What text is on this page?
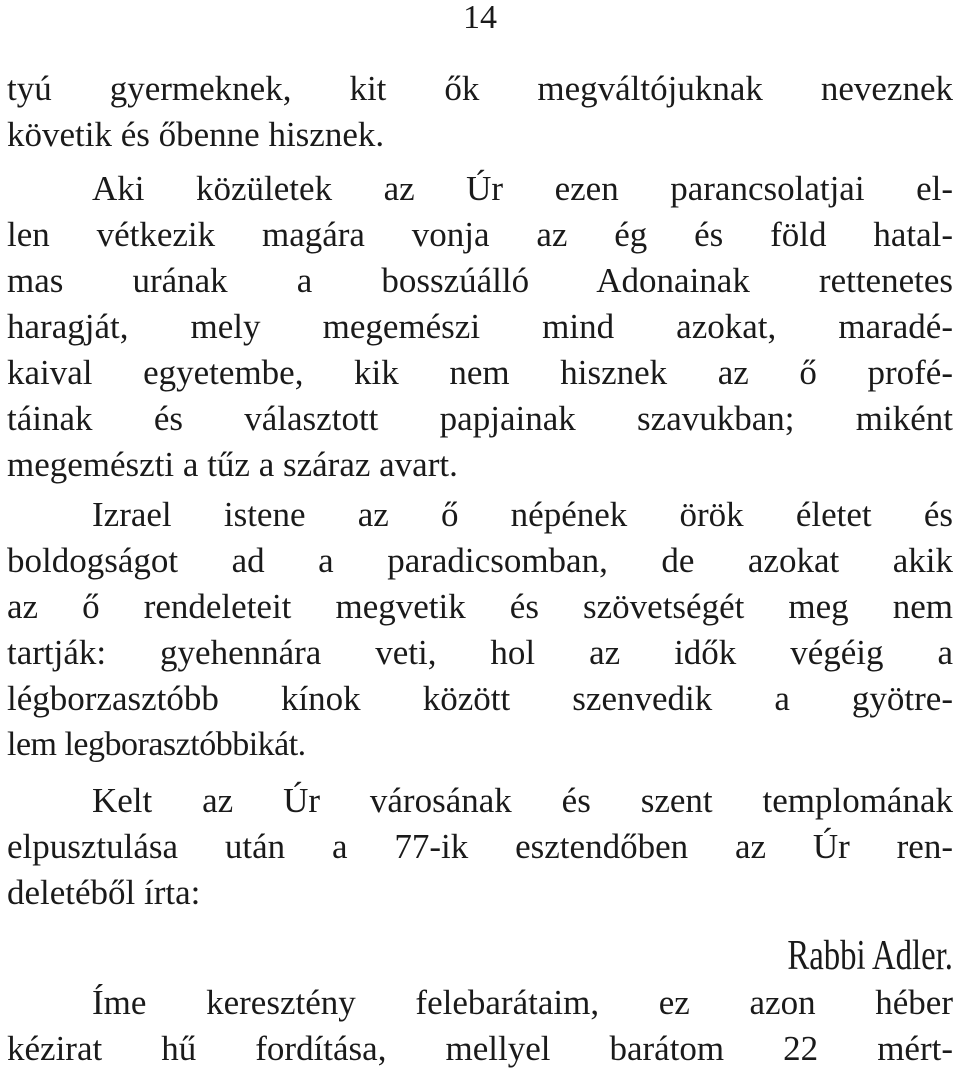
14
tyú gyermeknek, kit ők megváltójuknak neveznek
követik és őbenne hisznek.
Aki közületek az Úr ezen parancsolatjai el-
len vétkezik magára vonja az ég és föld hatal-
mas urának a bosszúálló Adonainak rettenetes
haragját, mely megemészi mind azokat, maradé-
kaival egyetembe, kik nem hisznek az ő profé-
táinak és választott papjainak szavukban; miként
megemészti a tűz a száraz avart.
Izrael istene az ő népének örök életet és
boldogságot ad a paradicsomban, de azokat akik
az ő rendeleteit megvetik és szövetségét meg nem
tartják: gyehennára veti, hol az idők végéig a
légborzasztóbb kínok között szenvedik a gyötre-
lem legborasztóbbikát.
Kelt az Úr városának és szent templomának
elpusztulása után a 77-ik esztendőben az Úr ren-
deletéből írta:
Rabbi Adler.
Íme keresztény felebarátaim, ez azon héber
kézirat hű fordítása, mellyel barátom 22 mért-
